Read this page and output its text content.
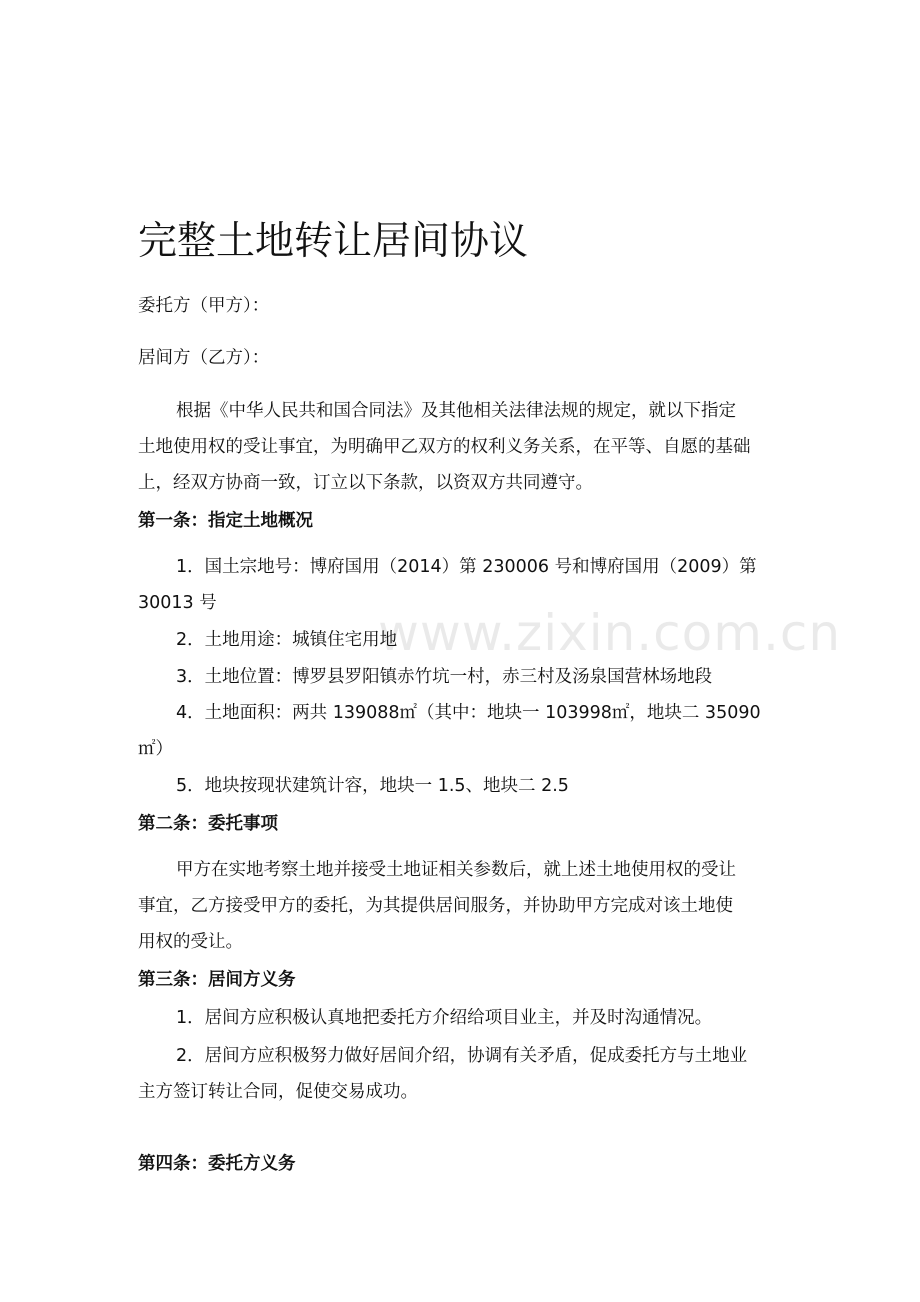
www.zixin.com.cn
完整土地转让居间协议

委托方（甲方）：

居间方（乙方）：

根据《中华人民共和国合同法》及其他相关法律法规的规定，就以下指定

土地使用权的受让事宜，为明确甲乙双方的权利义务关系，在平等、自愿的基础

上，经双方协商一致，订立以下条款，以资双方共同遵守。

第一条：指定土地概况

1．国土宗地号：博府国用（2014）第 230006 号和博府国用（2009）第

30013 号

2．土地用途：城镇住宅用地

3．土地位置：博罗县罗阳镇赤竹坑一村，赤三村及汤泉国营林场地段

4．土地面积：两共 139088㎡（其中：地块一 103998㎡，地块二 35090

㎡）

5．地块按现状建筑计容，地块一 1.5、地块二 2.5

第二条：委托事项

甲方在实地考察土地并接受土地证相关参数后，就上述土地使用权的受让

事宜，乙方接受甲方的委托，为其提供居间服务，并协助甲方完成对该土地使

用权的受让。

第三条：居间方义务

1．居间方应积极认真地把委托方介绍给项目业主，并及时沟通情况。

2．居间方应积极努力做好居间介绍，协调有关矛盾，促成委托方与土地业

主方签订转让合同，促使交易成功。

第四条：委托方义务
